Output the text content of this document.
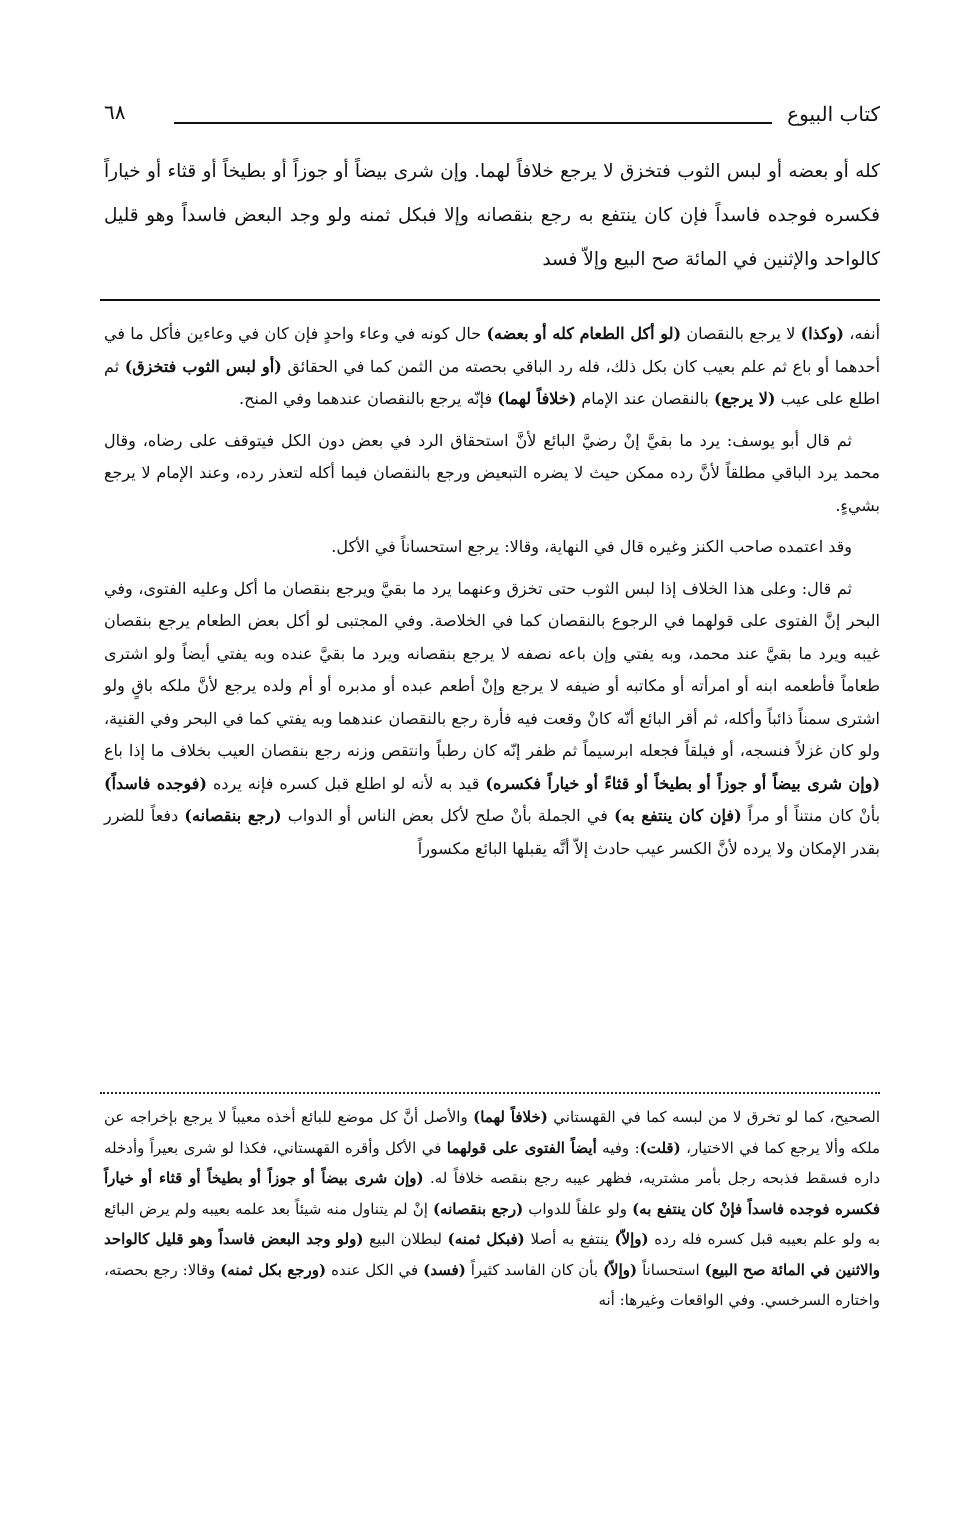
كتاب البيوع
٦٨

كله أو بعضه أو لبس الثوب فتخزق لا يرجع خلافاً لهما. وإن شرى بيضاً أو جوزاً أو بطيخاً أو قثاء أو خياراً فكسره فوجده فاسداً فإن كان ينتفع به رجع بنقصانه وإلا فبكل ثمنه ولو وجد البعض فاسداً وهو قليل كالواحد والإثنين في المائة صح البيع وإلاّ فسد

أنفه، (وكذا) لا يرجع بالنقصان (لو أكل الطعام كله أو بعضه) حال كونه في وعاء واحدٍ فإن كان في وعاءين فأكل ما في أحدهما أو باع ثم علم بعيب كان بكل ذلك، فله رد الباقي بحصته من الثمن كما في الحقائق (أو لبس الثوب فتخزق) ثم اطلع على عيب (لا يرجع) بالنقصان عند الإمام (خلافاً لهما) فإنّه يرجع بالنقصان عندهما وفي المنح.

ثم قال أبو يوسف: يرد ما بقيَّ إنْ رضيَّ البائع لأنَّ استحقاق الرد في بعض دون الكل فيتوقف على رضاه، وقال محمد يرد الباقي مطلقاً لأنَّ رده ممكن حيث لا يضره التبعيض ورجع بالنقصان فيما أكله لتعذر رده، وعند الإمام لا يرجع بشيءٍ.

وقد اعتمده صاحب الكنز وغيره قال في النهاية، وقالا: يرجع استحساناً في الأكل.

ثم قال: وعلى هذا الخلاف إذا لبس الثوب حتى تخزق وعنهما يرد ما بقيَّ ويرجع بنقصان ما أكل وعليه الفتوى، وفي البحر إنَّ الفتوى على قولهما في الرجوع بالنقصان كما في الخلاصة. وفي المجتبى لو أكل بعض الطعام يرجع بنقصان غيبه ويرد ما بقيَّ عند محمد، وبه يفتي وإن باعه نصفه لا يرجع بنقصانه ويرد ما بقيَّ عنده وبه يفتي أيضاً ولو اشترى طعاماً فأطعمه ابنه أو امرأته أو مكاتبه أو ضيفه لا يرجع وإنْ أطعم عبده أو مدبره أو أم ولده يرجع لأنَّ ملكه باقٍ ولو اشترى سمناً ذائباً وأكله، ثم أقر البائع أنّه كانْ وقعت فيه فأرة رجع بالنقصان عندهما وبه يفتي كما في البحر وفي القنية، ولو كان غزلاً فنسجه، أو فيلقاً فجعله ابرسيماً ثم ظفر إنّه كان رطباً وانتقص وزنه رجع بنقصان العيب بخلاف ما إذا باع (وإن شرى بيضاً أو جوزاً أو بطيخاً أو قثاءً أو خياراً فكسره) قيد به لأنه لو اطلع قبل كسره فإنه يرده (فوجده فاسداً) بأنْ كان منتناً أو مراً (فإن كان ينتفع به) في الجملة بأنْ صلح لأكل بعض الناس أو الدواب (رجع بنقصانه) دفعاً للضرر بقدر الإمكان ولا يرده لأنَّ الكسر عيب حادث إلاّ أنَّه يقبلها البائع مكسوراً

الصحيح، كما لو تخرق لا من لبسه كما في القهستاني (خلافاً لهما) والأصل أنَّ كل موضع للبائع أخذه معيباً لا يرجع بإخراجه عن ملكه وألا يرجع كما في الاختيار، (قلت): وفيه أيضاً الفتوى على قولهما في الأكل وأقره القهستاني، فكذا لو شرى بعيراً وأدخله داره فسقط فذبحه رجل بأمر مشتريه، فظهر عيبه رجع بنقصه خلافاً له. (وإن شرى بيضاً أو جوزاً أو بطيخاً أو قثاء أو خياراً فكسره فوجده فاسداً فإنْ كان ينتفع به) ولو علفاً للدواب (رجع بنقصانه) إنْ لم يتناول منه شيئاً بعد علمه بعيبه ولم يرض البائع به ولو علم بعيبه قبل كسره فله رده (وإلاّ) ينتفع به أصلا (فبكل ثمنه) لبطلان البيع (ولو وجد البعض فاسداً وهو قليل كالواحد والاثنين في المائة صح البيع) استحساناً (وإلاّ) بأن كان الفاسد كثيراً (فسد) في الكل عنده (ورجع بكل ثمنه) وقالا: رجع بحصته، واختاره السرخسي. وفي الواقعات وغيرها: أنه
